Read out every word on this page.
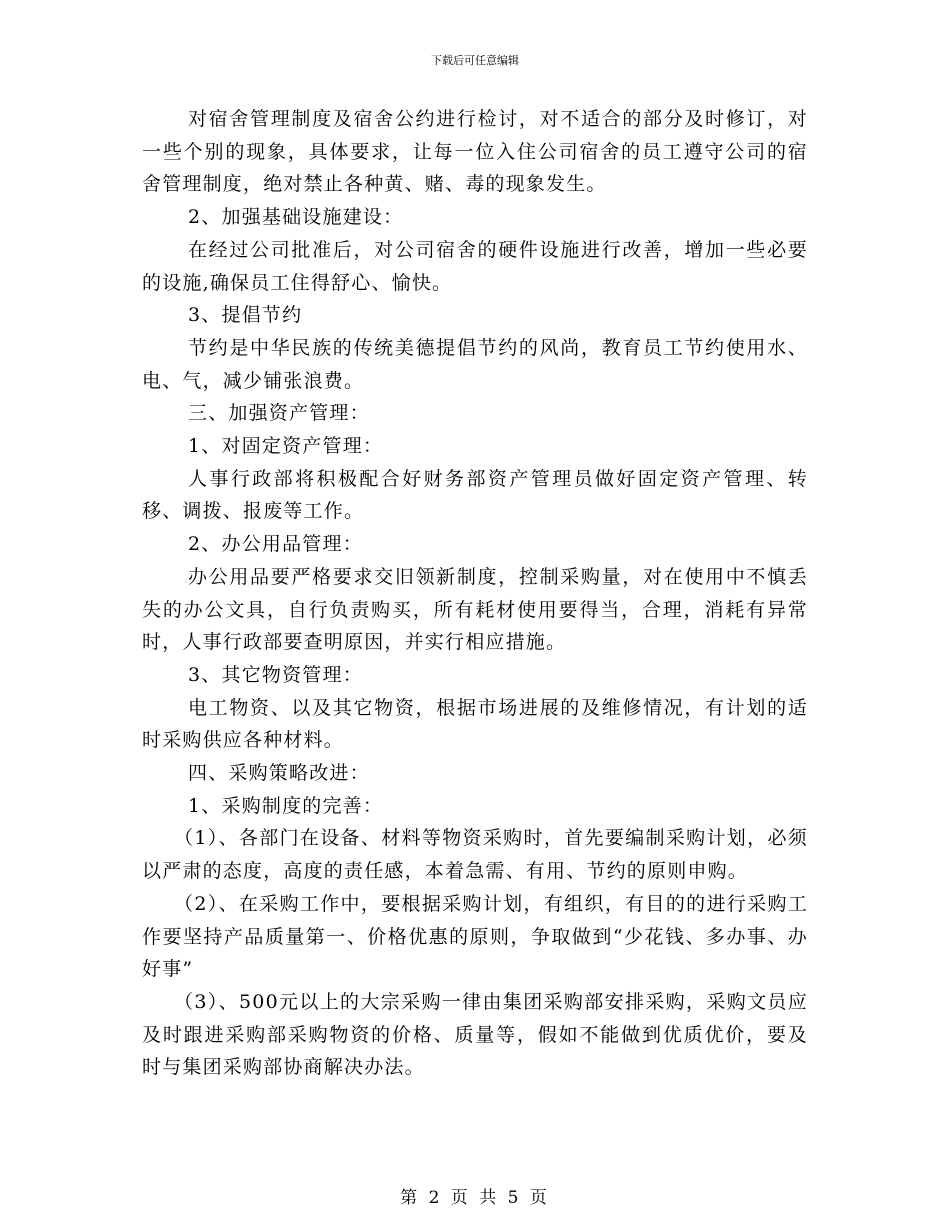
下载后可任意编辑

对宿舍管理制度及宿舍公约进行检讨，对不适合的部分及时修订，对一些个别的现象，具体要求，让每一位入住公司宿舍的员工遵守公司的宿舍管理制度，绝对禁止各种黄、赌、毒的现象发生。

2、加强基础设施建设：

在经过公司批准后，对公司宿舍的硬件设施进行改善，增加一些必要的设施,确保员工住得舒心、愉快。

3、提倡节约

节约是中华民族的传统美德提倡节约的风尚，教育员工节约使用水、电、气，减少铺张浪费。

三、加强资产管理：

1、对固定资产管理：

人事行政部将积极配合好财务部资产管理员做好固定资产管理、转移、调拨、报废等工作。

2、办公用品管理：

办公用品要严格要求交旧领新制度，控制采购量，对在使用中不慎丢失的办公文具，自行负责购买，所有耗材使用要得当，合理，消耗有异常时，人事行政部要查明原因，并实行相应措施。

3、其它物资管理：

电工物资、以及其它物资，根据市场进展的及维修情况，有计划的适时采购供应各种材料。

四、采购策略改进：

1、采购制度的完善：

（1）、各部门在设备、材料等物资采购时，首先要编制采购计划，必须以严肃的态度，高度的责任感，本着急需、有用、节约的原则申购。

（2）、在采购工作中，要根据采购计划，有组织，有目的的进行采购工作要坚持产品质量第一、价格优惠的原则，争取做到“少花钱、多办事、办好事”

（3）、500元以上的大宗采购一律由集团采购部安排采购，采购文员应及时跟进采购部采购物资的价格、质量等，假如不能做到优质优价，要及时与集团采购部协商解决办法。

第 2 页 共 5 页
